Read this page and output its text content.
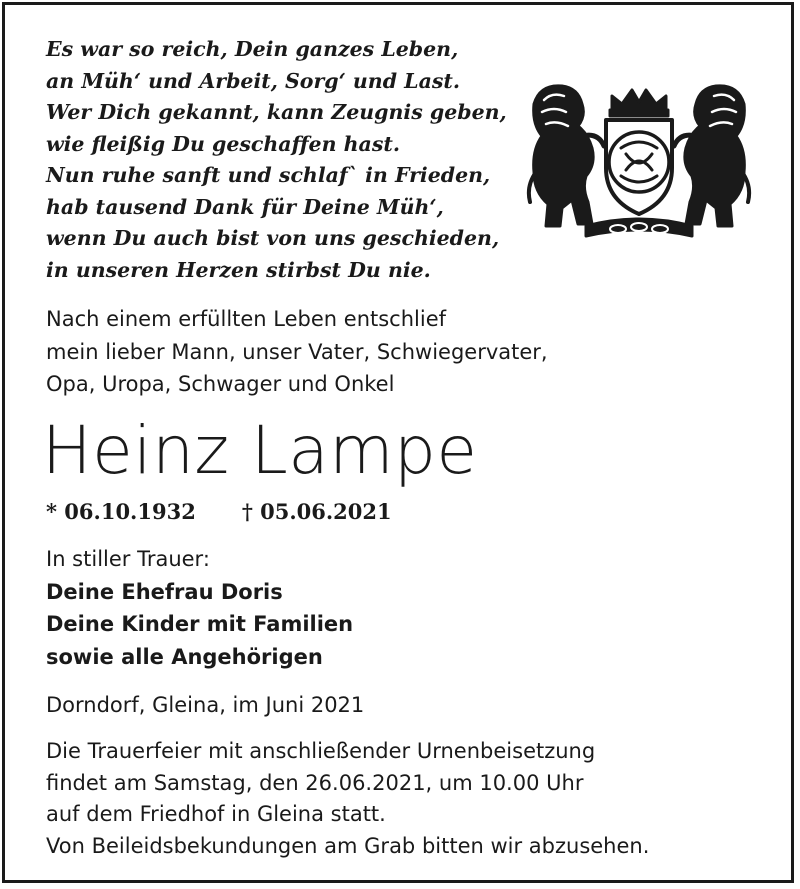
Es war so reich, Dein ganzes Leben,
an Müh‘ und Arbeit, Sorg‘ und Last.
Wer Dich gekannt, kann Zeugnis geben,
wie fleißig Du geschaffen hast.
Nun ruhe sanft und schlaf` in Frieden,
hab tausend Dank für Deine Müh‘,
wenn Du auch bist von uns geschieden,
in unseren Herzen stirbst Du nie.
Nach einem erfüllten Leben entschlief
mein lieber Mann, unser Vater, Schwiegervater,
Opa, Uropa, Schwager und Onkel
Heinz Lampe
* 06.10.1932 † 05.06.2021
In stiller Trauer:
Deine Ehefrau Doris
Deine Kinder mit Familien
sowie alle Angehörigen
Dorndorf, Gleina, im Juni 2021
Die Trauerfeier mit anschließender Urnenbeisetzung
findet am Samstag, den 26.06.2021, um 10.00 Uhr
auf dem Friedhof in Gleina statt.
Von Beileidsbekundungen am Grab bitten wir abzusehen.
